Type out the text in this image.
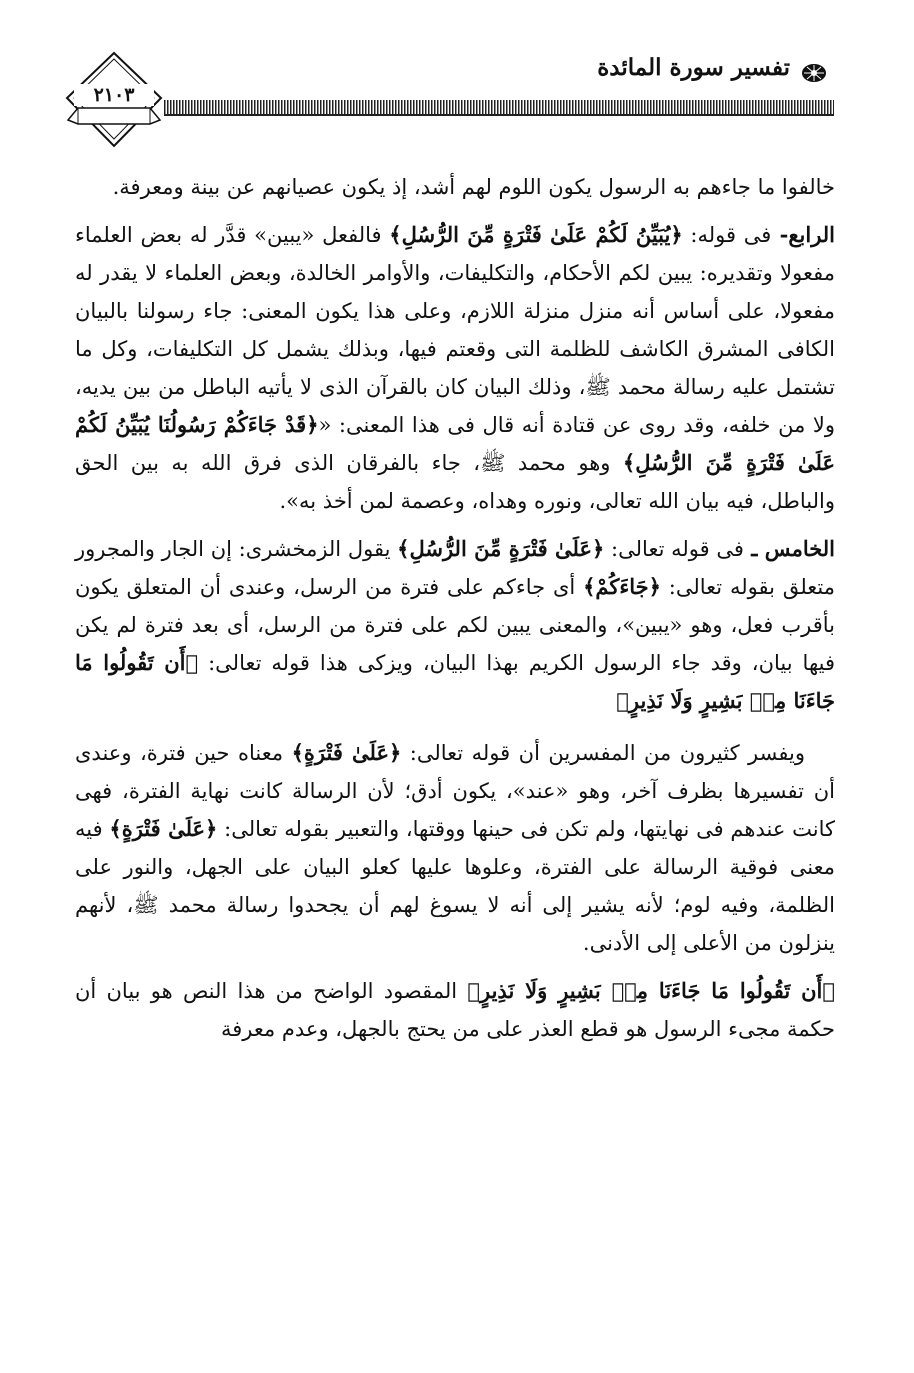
٢١٠٣
تفسير سورة المائدة

خالفوا ما جاءهم به الرسول يكون اللوم لهم أشد، إذ يكون عصيانهم عن بينة ومعرفة.

الرابع- فى قوله: ﴿يُبَيِّنُ لَكُمْ عَلَىٰ فَتْرَةٍ مِّنَ الرُّسُلِ﴾ فالفعل «يبين» قدَّر له بعض العلماء مفعولا وتقديره: يبين لكم الأحكام، والتكليفات، والأوامر الخالدة، وبعض العلماء لا يقدر له مفعولا، على أساس أنه منزل منزلة اللازم، وعلى هذا يكون المعنى: جاء رسولنا بالبيان الكافى المشرق الكاشف للظلمة التى وقعتم فيها، وبذلك يشمل كل التكليفات، وكل ما تشتمل عليه رسالة محمد ﷺ، وذلك البيان كان بالقرآن الذى لا يأتيه الباطل من بين يديه، ولا من خلفه، وقد روى عن قتادة أنه قال فى هذا المعنى: «﴿قَدْ جَاءَكُمْ رَسُولُنَا يُبَيِّنُ لَكُمْ عَلَىٰ فَتْرَةٍ مِّنَ الرُّسُلِ﴾ وهو محمد ﷺ، جاء بالفرقان الذى فرق الله به بين الحق والباطل، فيه بيان الله تعالى، ونوره وهداه، وعصمة لمن أخذ به».

الخامس ـ فى قوله تعالى: ﴿عَلَىٰ فَتْرَةٍ مِّنَ الرُّسُلِ﴾ يقول الزمخشرى: إن الجار والمجرور متعلق بقوله تعالى: ﴿جَاءَكُمْ﴾ أى جاءكم على فترة من الرسل، وعندى أن المتعلق يكون بأقرب فعل، وهو «يبين»، والمعنى يبين لكم على فترة من الرسل، أى بعد فترة لم يكن فيها بيان، وقد جاء الرسول الكريم بهذا البيان، ويزكى هذا قوله تعالى: ﴿أَن تَقُولُوا مَا جَاءَنَا مِنۢ بَشِيرٍ وَلَا نَذِيرٍ﴾

ويفسر كثيرون من المفسرين أن قوله تعالى: ﴿عَلَىٰ فَتْرَةٍ﴾ معناه حين فترة، وعندى أن تفسيرها بظرف آخر، وهو «عند»، يكون أدق؛ لأن الرسالة كانت نهاية الفترة، فهى كانت عندهم فى نهايتها، ولم تكن فى حينها ووقتها، والتعبير بقوله تعالى: ﴿عَلَىٰ فَتْرَةٍ﴾ فيه معنى فوقية الرسالة على الفترة، وعلوها عليها كعلو البيان على الجهل، والنور على الظلمة، وفيه لوم؛ لأنه يشير إلى أنه لا يسوغ لهم أن يجحدوا رسالة محمد ﷺ، لأنهم ينزلون من الأعلى إلى الأدنى.

﴿أَن تَقُولُوا مَا جَاءَنَا مِنۢ بَشِيرٍ وَلَا نَذِيرٍ﴾ المقصود الواضح من هذا النص هو بيان أن حكمة مجىء الرسول هو قطع العذر على من يحتج بالجهل، وعدم معرفة
